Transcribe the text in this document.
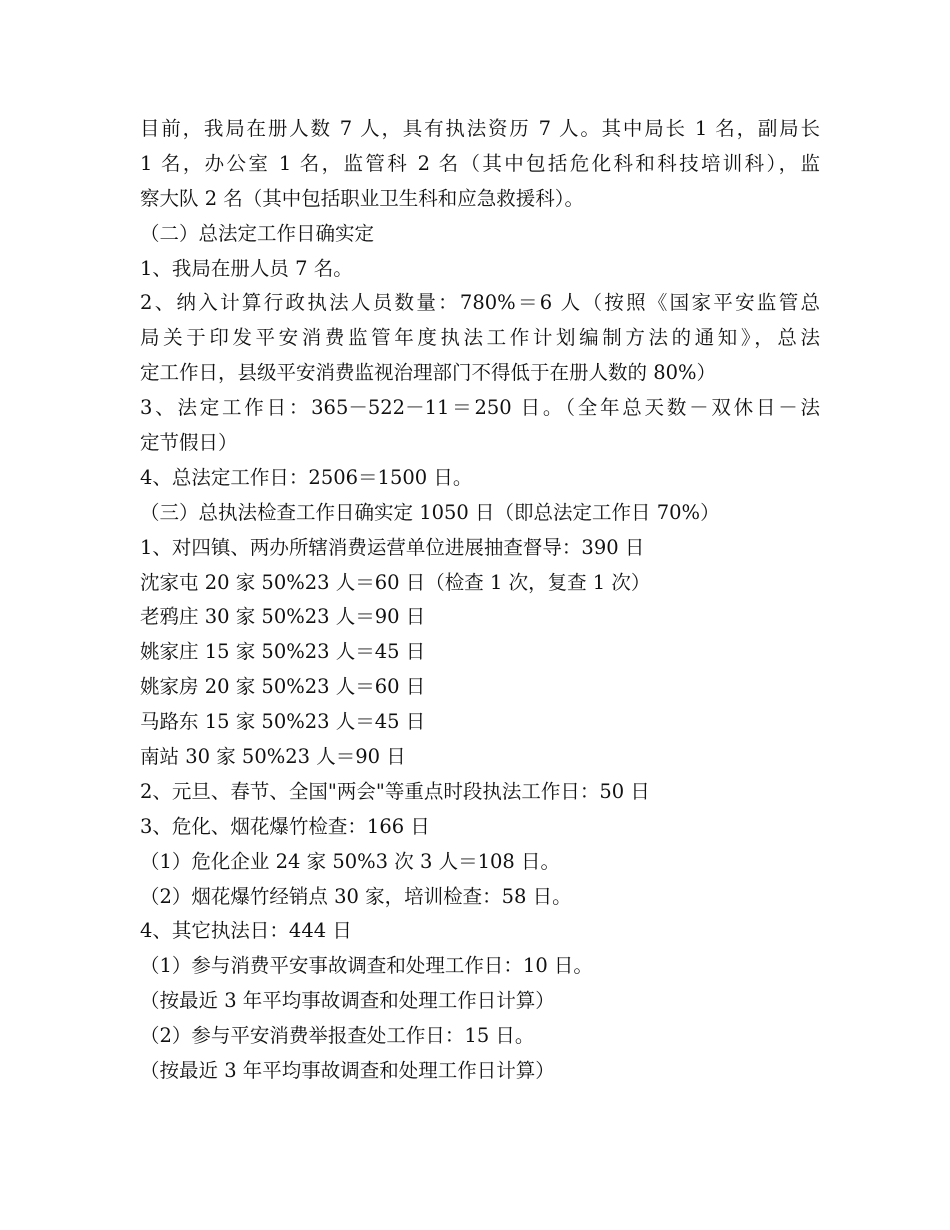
目前，我局在册人数 7 人，具有执法资历 7 人。其中局长 1 名，副局长
1 名，办公室 1 名，监管科 2 名（其中包括危化科和科技培训科），监
察大队 2 名（其中包括职业卫生科和应急救援科）。
（二）总法定工作日确实定
1、我局在册人员 7 名。
2、纳入计算行政执法人员数量：780%＝6 人（按照《国家平安监管总
局关于印发平安消费监管年度执法工作计划编制方法的通知》，总法
定工作日，县级平安消费监视治理部门不得低于在册人数的 80%）
3、法定工作日：365－522－11＝250 日。（全年总天数－双休日－法
定节假日）
4、总法定工作日：2506＝1500 日。
（三）总执法检查工作日确实定 1050 日（即总法定工作日 70%）
1、对四镇、两办所辖消费运营单位进展抽查督导：390 日
沈家屯 20 家 50%23 人＝60 日（检查 1 次，复查 1 次）
老鸦庄 30 家 50%23 人＝90 日
姚家庄 15 家 50%23 人＝45 日
姚家房 20 家 50%23 人＝60 日
马路东 15 家 50%23 人＝45 日
南站 30 家 50%23 人＝90 日
2、元旦、春节、全国"两会"等重点时段执法工作日：50 日
3、危化、烟花爆竹检查：166 日
（1）危化企业 24 家 50%3 次 3 人＝108 日。
（2）烟花爆竹经销点 30 家，培训检查：58 日。
4、其它执法日：444 日
（1）参与消费平安事故调查和处理工作日：10 日。
（按最近 3 年平均事故调查和处理工作日计算）
（2）参与平安消费举报查处工作日：15 日。
（按最近 3 年平均事故调查和处理工作日计算）
